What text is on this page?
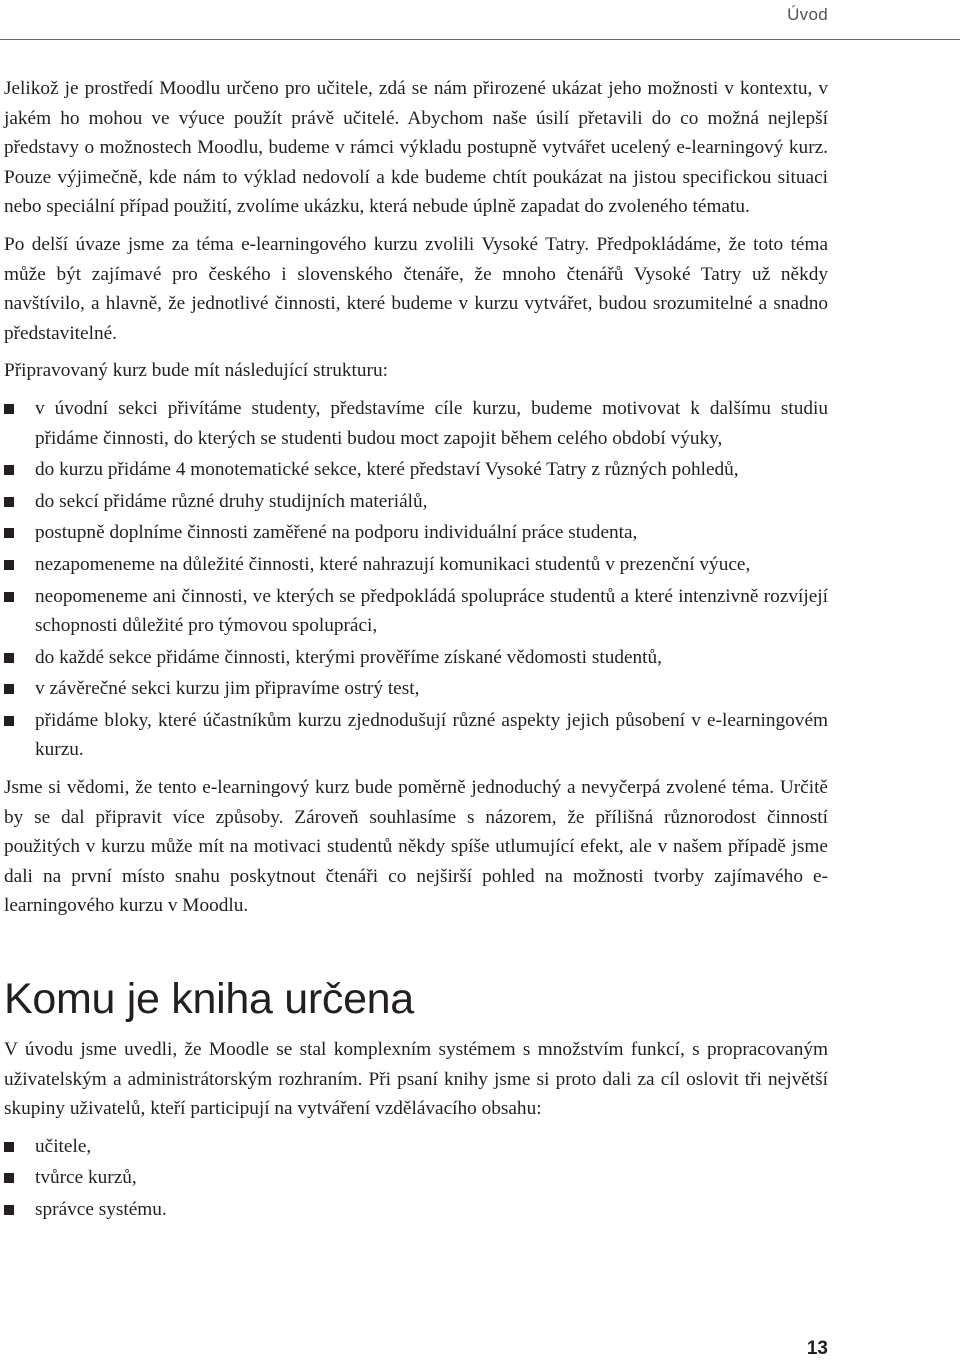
Úvod

Jelikož je prostředí Moodlu určeno pro učitele, zdá se nám přirozené ukázat jeho možnosti v kontextu, v jakém ho mohou ve výuce použít právě učitelé. Abychom naše úsilí přetavili do co možná nejlepší představy o možnostech Moodlu, budeme v rámci výkladu postupně vytvářet ucelený e-learningový kurz. Pouze výjimečně, kde nám to výklad nedovolí a kde budeme chtít poukázat na jistou specifickou situaci nebo speciální případ použití, zvolíme ukázku, která nebude úplně zapadat do zvoleného tématu.

Po delší úvaze jsme za téma e-learningového kurzu zvolili Vysoké Tatry. Předpokládáme, že toto téma může být zajímavé pro českého i slovenského čtenáře, že mnoho čtenářů Vysoké Tatry už někdy navštívilo, a hlavně, že jednotlivé činnosti, které budeme v kurzu vytvářet, budou srozumitelné a snadno představitelné.

Připravovaný kurz bude mít následující strukturu:

v úvodní sekci přivítáme studenty, představíme cíle kurzu, budeme motivovat k dalšímu studiu přidáme činnosti, do kterých se studenti budou moct zapojit během celého období výuky,
do kurzu přidáme 4 monotematické sekce, které představí Vysoké Tatry z různých pohledů,
do sekcí přidáme různé druhy studijních materiálů,
postupně doplníme činnosti zaměřené na podporu individuální práce studenta,
nezapomeneme na důležité činnosti, které nahrazují komunikaci studentů v prezenční výuce,
neopomeneme ani činnosti, ve kterých se předpokládá spolupráce studentů a které intenzivně rozvíjejí schopnosti důležité pro týmovou spolupráci,
do každé sekce přidáme činnosti, kterými prověříme získané vědomosti studentů,
v závěrečné sekci kurzu jim připravíme ostrý test,
přidáme bloky, které účastníkům kurzu zjednodušují různé aspekty jejich působení v e-learningovém kurzu.

Jsme si vědomi, že tento e-learningový kurz bude poměrně jednoduchý a nevyčerpá zvolené téma. Určitě by se dal připravit více způsoby. Zároveň souhlasíme s názorem, že přílišná různorodost činností použitých v kurzu může mít na motivaci studentů někdy spíše utlumující efekt, ale v našem případě jsme dali na první místo snahu poskytnout čtenáři co nejširší pohled na možnosti tvorby zajímavého e-learningového kurzu v Moodlu.

Komu je kniha určena

V úvodu jsme uvedli, že Moodle se stal komplexním systémem s množstvím funkcí, s propracovaným uživatelským a administrátorským rozhraním. Při psaní knihy jsme si proto dali za cíl oslovit tři největší skupiny uživatelů, kteří participují na vytváření vzdělávacího obsahu:

učitele,
tvůrce kurzů,
správce systému.
13
